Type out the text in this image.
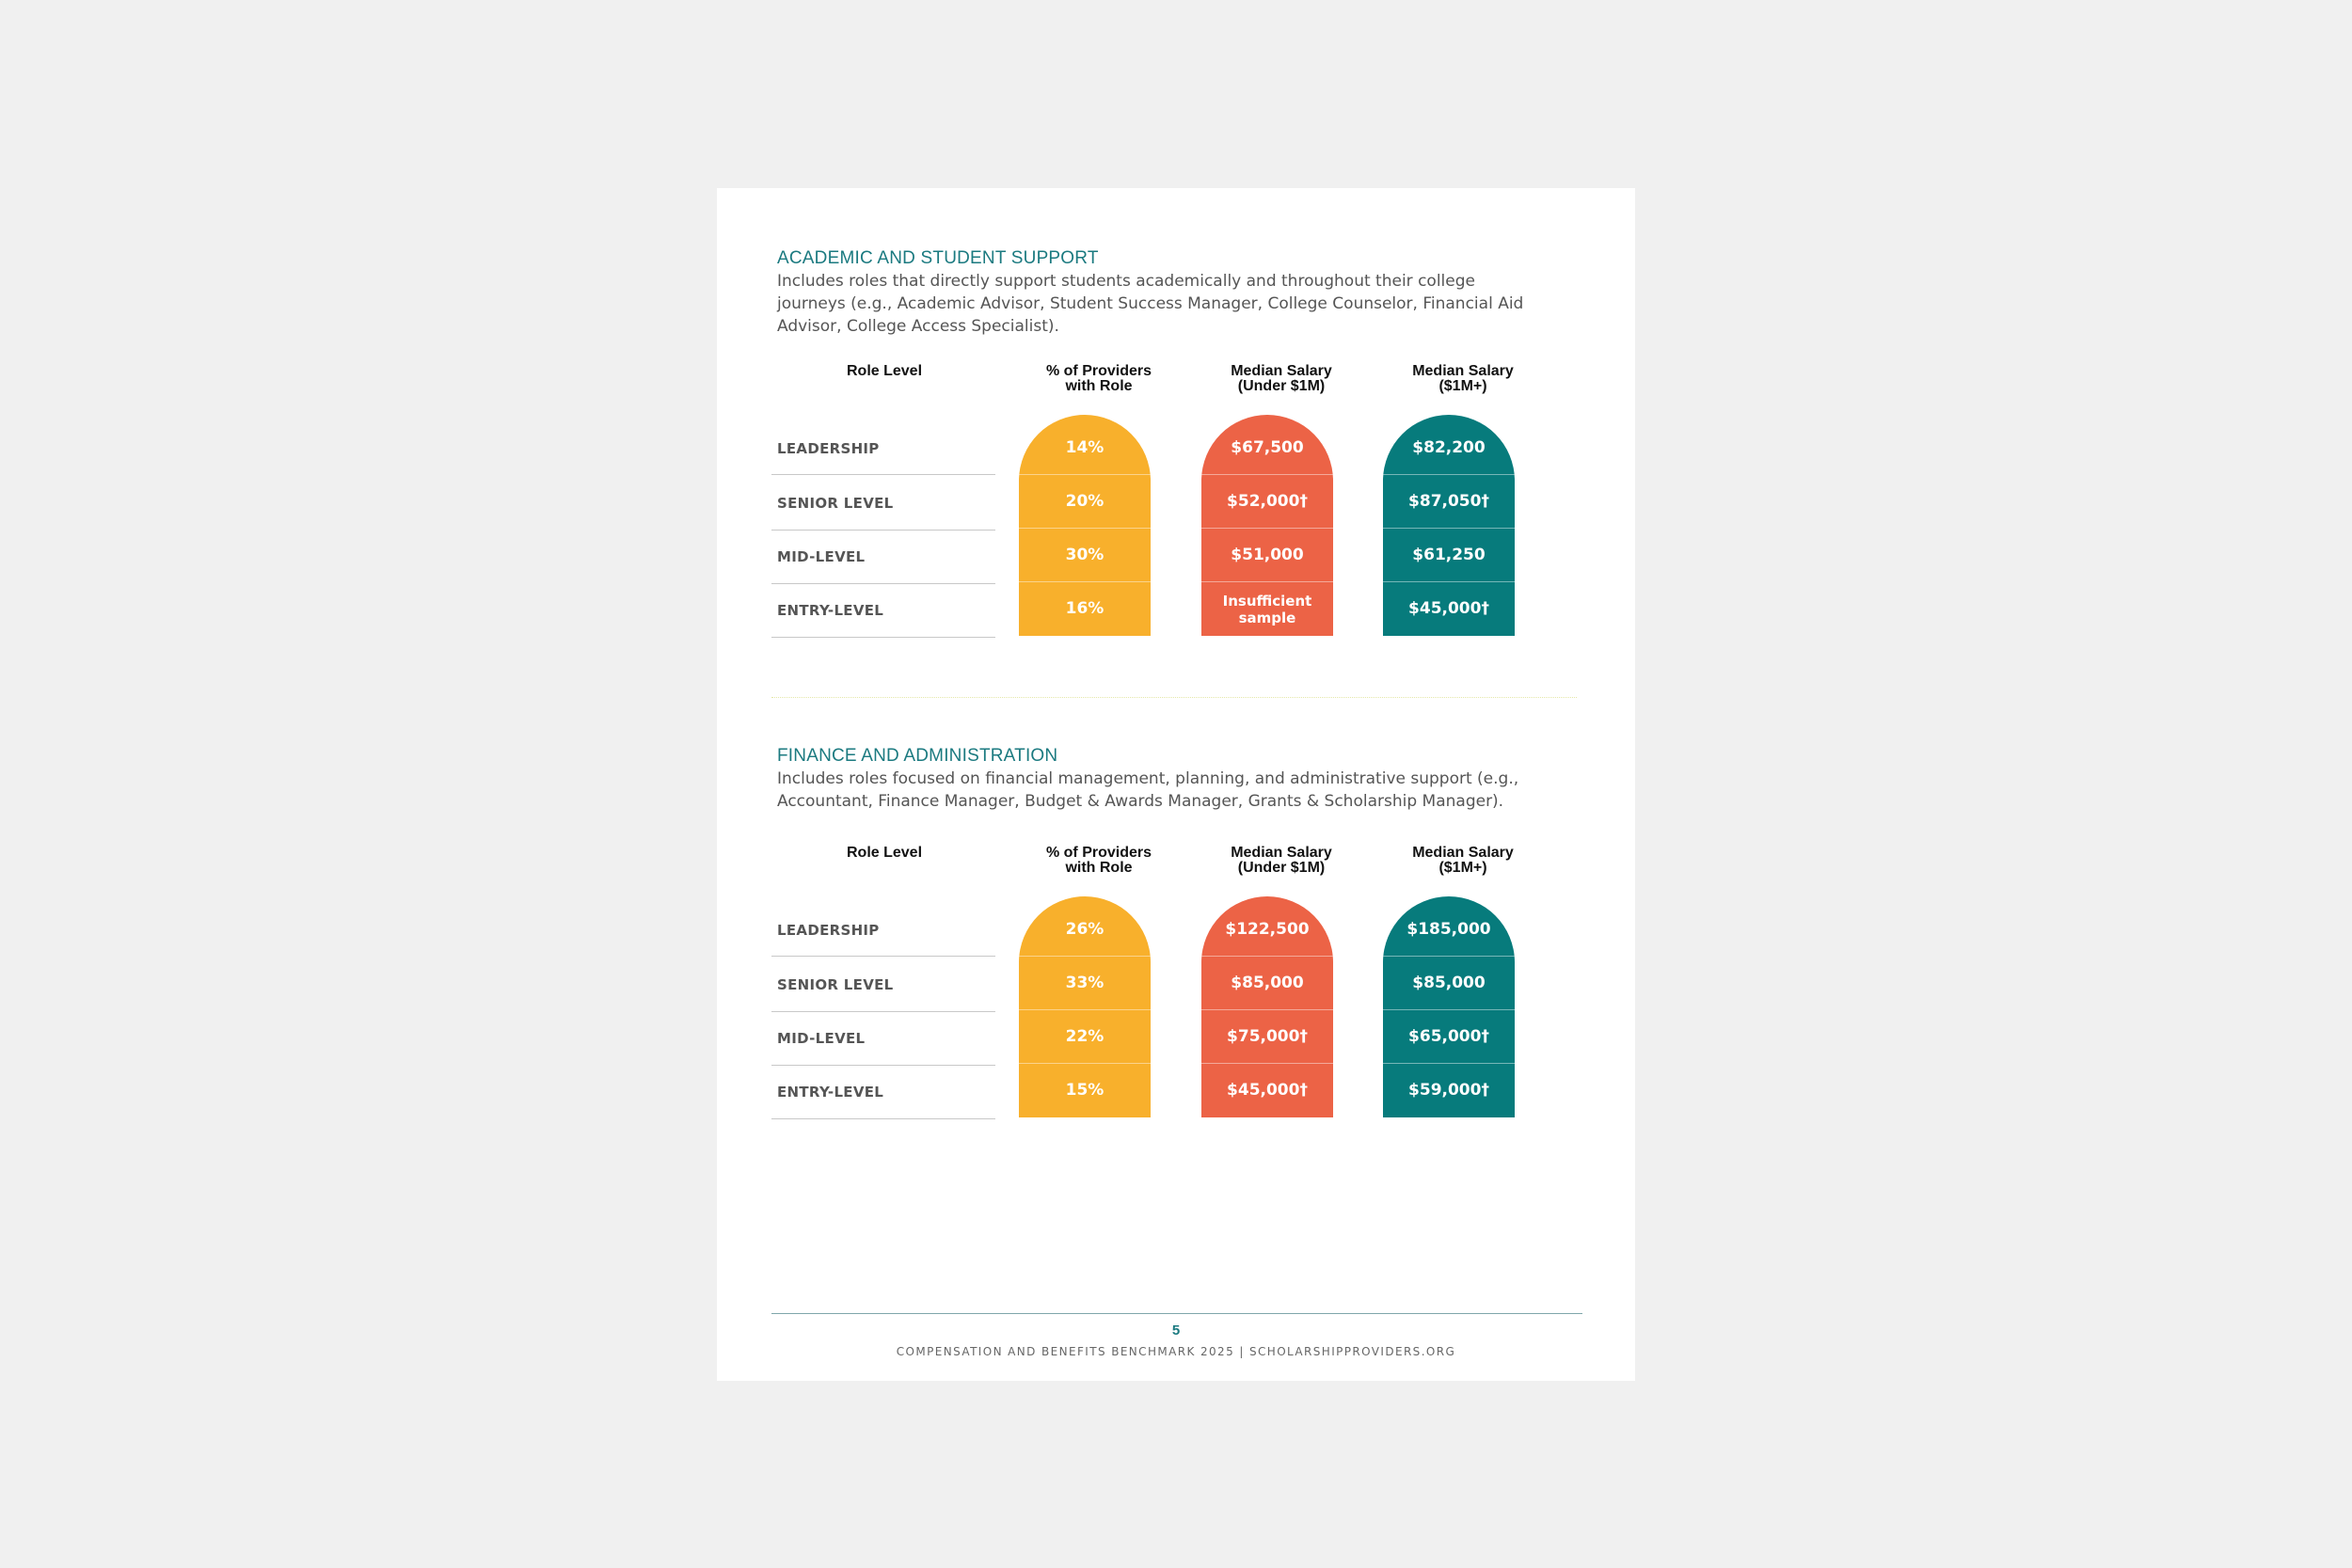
ACADEMIC AND STUDENT SUPPORT
Includes roles that directly support students academically and throughout their college journeys (e.g., Academic Advisor, Student Success Manager, College Counselor, Financial Aid Advisor, College Access Specialist).
Role Level	% of Providers
with Role
Median Salary
(Under $1M)
Median Salary
($1M+)
LEADERSHIP
SENIOR LEVEL
MID-LEVEL
ENTRY-LEVEL
14%
20%
30%
16%
$67,500
$52,000†
$51,000
Insufficient sample
$82,200
$87,050†
$61,250
$45,000†
FINANCE AND ADMINISTRATION
Includes roles focused on financial management, planning, and administrative support (e.g., Accountant, Finance Manager, Budget & Awards Manager, Grants & Scholarship Manager).
Role Level	% of Providers
with Role
Median Salary
(Under $1M)
Median Salary
($1M+)
LEADERSHIP
SENIOR LEVEL
MID-LEVEL
ENTRY-LEVEL
26%
33%
22%
15%
$122,500
$85,000
$75,000†
$45,000†
$185,000
$85,000
$65,000†
$59,000†
5
COMPENSATION AND BENEFITS BENCHMARK 2025 | SCHOLARSHIPPROVIDERS.ORG
